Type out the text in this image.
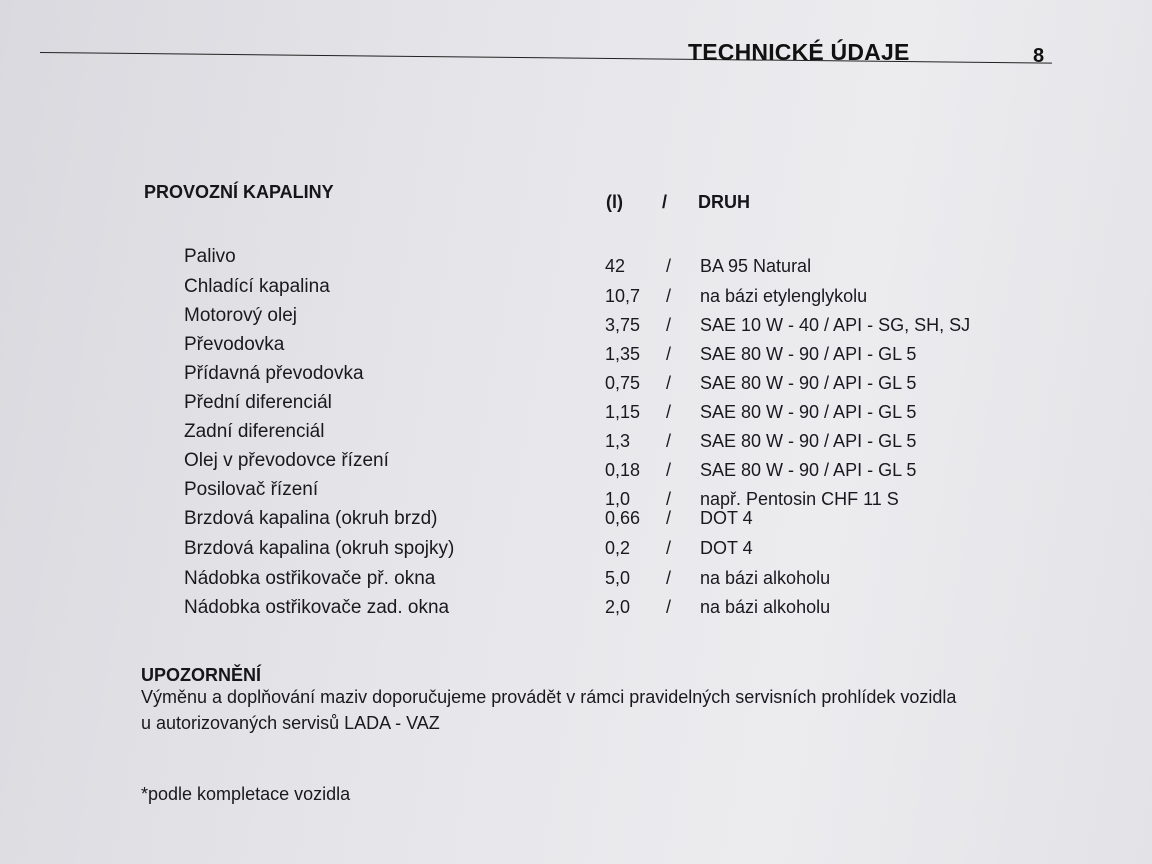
TECHNICKÉ ÚDAJE	8
PROVOZNÍ KAPALINY	(l) / DRUH
Palivo	42 / BA 95 Natural
Chladící kapalina	10,7 / na bázi etylenglykolu
Motorový olej	3,75 / SAE 10 W - 40 / API - SG, SH, SJ
Převodovka	1,35 / SAE 80 W - 90 / API - GL 5
Přídavná převodovka	0,75 / SAE 80 W - 90 / API - GL 5
Přední diferenciál	1,15 / SAE 80 W - 90 / API - GL 5
Zadní diferenciál	1,3 / SAE 80 W - 90 / API - GL 5
Olej v převodovce řízení	0,18 / SAE 80 W - 90 / API - GL 5
Posilovač řízení	1,0 / např. Pentosin CHF 11 S
Brzdová kapalina (okruh brzd)	0,66 / DOT 4
Brzdová kapalina (okruh spojky)	0,2 / DOT 4
Nádobka ostřikovače př. okna	5,0 / na bázi alkoholu
Nádobka ostřikovače zad. okna	2,0 / na bázi alkoholu
UPOZORNĚNÍ
Výměnu a doplňování maziv doporučujeme provádět v rámci pravidelných servisních prohlídek vozidla
u autorizovaných servisů LADA - VAZ
*podle kompletace vozidla
